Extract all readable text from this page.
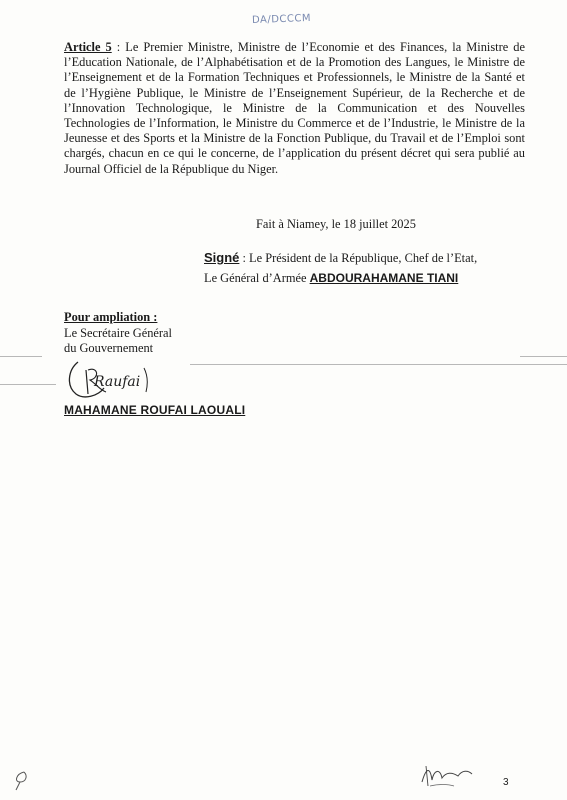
DA/DCCCM

Article 5 : Le Premier Ministre, Ministre de l’Economie et des Finances, la Ministre de l’Education Nationale, de l’Alphabétisation et de la Promotion des Langues, le Ministre de l’Enseignement et de la Formation Techniques et Professionnels, le Ministre de la Santé et de l’Hygiène Publique, le Ministre de l’Enseignement Supérieur, de la Recherche et de l’Innovation Technologique, le Ministre de la Communication et des Nouvelles Technologies de l’Information, le Ministre du Commerce et de l’Industrie, le Ministre de la Jeunesse et des Sports et la Ministre de la Fonction Publique, du Travail et de l’Emploi sont chargés, chacun en ce qui le concerne, de l’application du présent décret qui sera publié au Journal Officiel de la République du Niger.

Fait à Niamey, le 18 juillet 2025
Signé : Le Président de la République, Chef de l’Etat,
Le Général d’Armée ABDOURAHAMANE TIANI
Pour ampliation :
Le Secrétaire Général
du Gouvernement
Raufai
MAHAMANE ROUFAI LAOUALI
3
